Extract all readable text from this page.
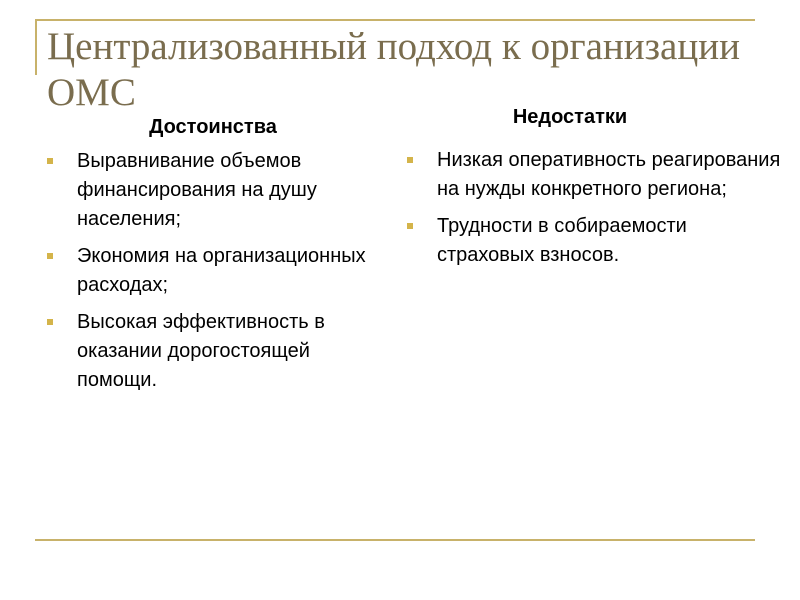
Централизованный подход к организации ОМС
Достоинства	Недостатки
Выравнивание объемов финансирования на душу населения;
Экономия на организационных расходах;
Высокая эффективность в оказании дорогостоящей помощи.
Низкая оперативность реагирования на нужды конкретного региона;
Трудности в собираемости страховых взносов.
